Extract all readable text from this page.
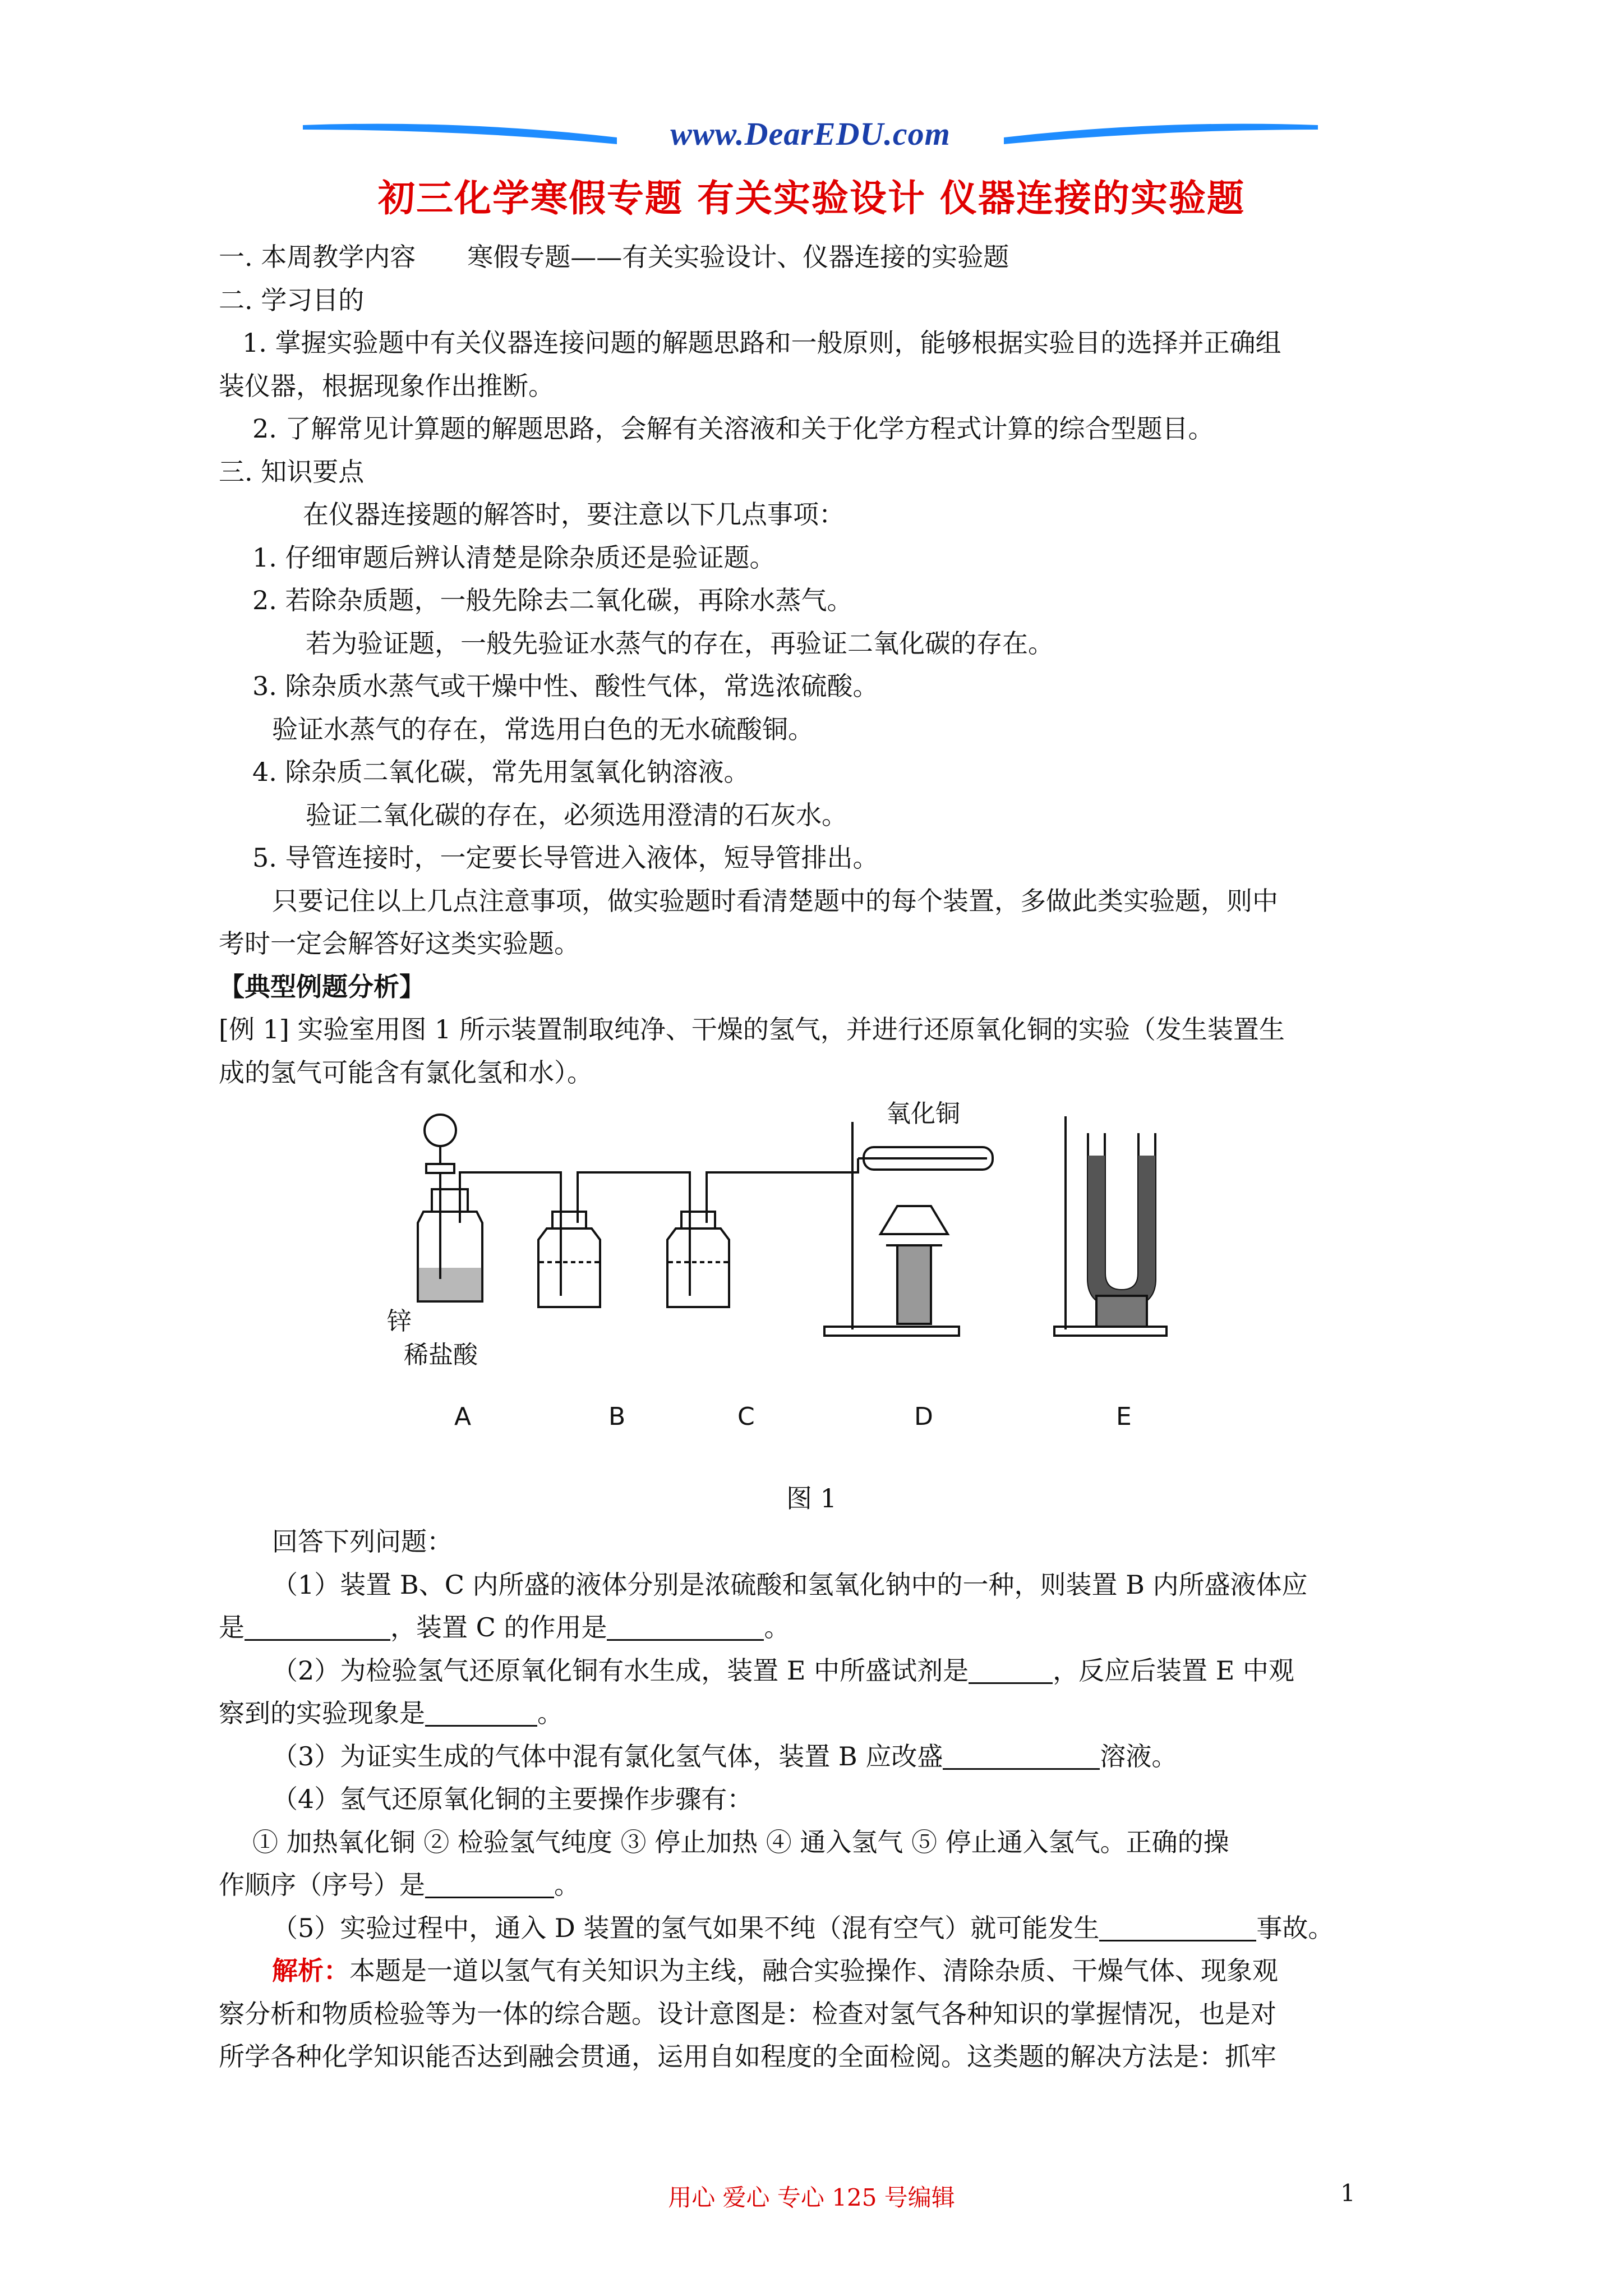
www.DearEDU.com
初三化学寒假专题 有关实验设计 仪器连接的实验题
一. 本周教学内容　　寒假专题——有关实验设计、仪器连接的实验题
二. 学习目的
1. 掌握实验题中有关仪器连接问题的解题思路和一般原则，能够根据实验目的选择并正确组
装仪器，根据现象作出推断。
2. 了解常见计算题的解题思路，会解有关溶液和关于化学方程式计算的综合型题目。
三. 知识要点
在仪器连接题的解答时，要注意以下几点事项：
1. 仔细审题后辨认清楚是除杂质还是验证题。
2. 若除杂质题，一般先除去二氧化碳，再除水蒸气。
若为验证题，一般先验证水蒸气的存在，再验证二氧化碳的存在。
3. 除杂质水蒸气或干燥中性、酸性气体，常选浓硫酸。
验证水蒸气的存在，常选用白色的无水硫酸铜。
4. 除杂质二氧化碳，常先用氢氧化钠溶液。
验证二氧化碳的存在，必须选用澄清的石灰水。
5. 导管连接时，一定要长导管进入液体，短导管排出。
只要记住以上几点注意事项，做实验题时看清楚题中的每个装置，多做此类实验题，则中
考时一定会解答好这类实验题。
【典型例题分析】
[例 1] 实验室用图 1 所示装置制取纯净、干燥的氢气，并进行还原氧化铜的实验（发生装置生
成的氢气可能含有氯化氢和水）。
锌
稀盐酸
氧化铜
A	B	C	D	E
图 1
回答下列问题：
（1）装置 B、C 内所盛的液体分别是浓硫酸和氢氧化钠中的一种，则装置 B 内所盛液体应
是	，装置 C 的作用是	。
（2）为检验氢气还原氧化铜有水生成，装置 E 中所盛试剂是	，反应后装置 E 中观
察到的实验现象是	。
（3）为证实生成的气体中混有氯化氢气体，装置 B 应改盛	溶液。
（4）氢气还原氧化铜的主要操作步骤有：
① 加热氧化铜 ② 检验氢气纯度 ③ 停止加热 ④ 通入氢气 ⑤ 停止通入氢气。正确的操
作顺序（序号）是	。
（5）实验过程中，通入 D 装置的氢气如果不纯（混有空气）就可能发生	事故。
解析：本题是一道以氢气有关知识为主线，融合实验操作、清除杂质、干燥气体、现象观
察分析和物质检验等为一体的综合题。设计意图是：检查对氢气各种知识的掌握情况，也是对
所学各种化学知识能否达到融会贯通，运用自如程度的全面检阅。这类题的解决方法是：抓牢
用心 爱心 专心 125 号编辑	1
